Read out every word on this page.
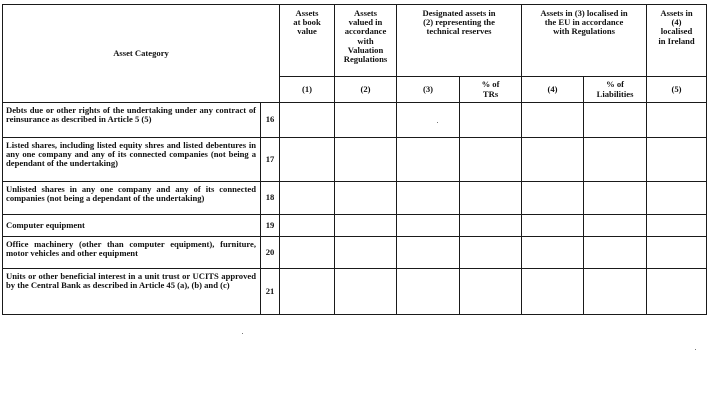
Asset Category		Assets at book value	Assets valued in accordance with Valuation Regulations	Designated assets in (2) representing the technical reserves		Assets in (3) localised in the EU in accordance with Regulations		Assets in (4) localised in Ireland
		(1)	(2)	(3)	% of TRs	(4)	% of Liabilities	(5)

Debts due or other rights of the undertaking under any contract of reinsurance as described in Article 5 (5)	16							
Listed shares, including listed equity shres and listed debentures in any one company and any of its connected companies (not being a dependant of the undertaking)	17							
Unlisted shares in any one company and any of its connected companies (not being a dependant of the undertaking)	18							
Computer equipment	19							
Office machinery (other than computer equipment), furniture, motor vehicles and other equipment	20							
Units or other beneficial interest in a unit trust or UCITS approved by the Central Bank as described in Article 45 (a), (b) and (c)	21							
